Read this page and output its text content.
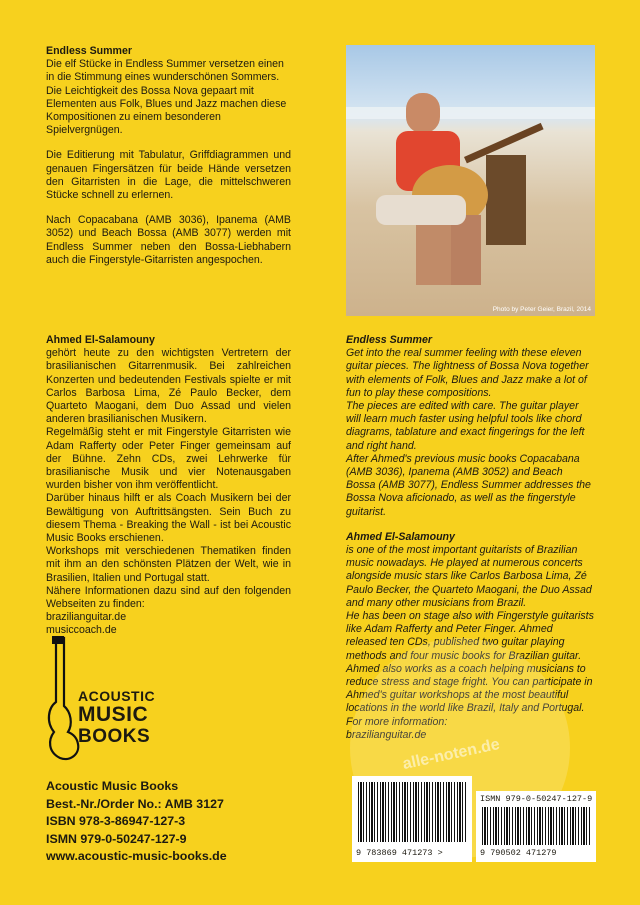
Endless Summer

Die elf Stücke in Endless Summer versetzen einen in die Stimmung eines wunderschönen Sommers. Die Leichtigkeit des Bossa Nova gepaart mit Elementen aus Folk, Blues und Jazz machen diese Kompositionen zu einem besonderen Spielvergnügen.

Die Editierung mit Tabulatur, Griffdiagrammen und genauen Fingersätzen für beide Hände versetzen den Gitarristen in die Lage, die mittelschweren Stücke schnell zu erlernen.

Nach Copacabana (AMB 3036), Ipanema (AMB 3052) und Beach Bossa (AMB 3077) werden mit Endless Summer neben den Bossa-Liebhabern auch die Fingerstyle-Gitarristen angespochen.

Photo by Peter Geier, Brazil, 2014
Ahmed El-Salamouny
gehört heute zu den wichtigsten Vertretern der brasilianischen Gitarrenmusik. Bei zahlreichen Konzerten und bedeutenden Festivals spielte er mit Carlos Barbosa Lima, Zé Paulo Becker, dem Quarteto Maogani, dem Duo Assad und vielen anderen brasilianischen Musikern.
Regelmäßig steht er mit Fingerstyle Gitarristen wie Adam Rafferty oder Peter Finger gemeinsam auf der Bühne. Zehn CDs, zwei Lehrwerke für brasilianische Musik und vier Notenausgaben wurden bisher von ihm veröffentlicht.
Darüber hinaus hilft er als Coach Musikern bei der Bewältigung von Auftrittsängsten. Sein Buch zu diesem Thema - Breaking the Wall - ist bei Acoustic Music Books erschienen.
Workshops mit verschiedenen Thematiken finden mit ihm an den schönsten Plätzen der Welt, wie in Brasilien, Italien und Portugal statt.
Nähere Informationen dazu sind auf den folgenden Webseiten zu finden:
brazilianguitar.de
musiccoach.de
Endless Summer
Get into the real summer feeling with these eleven guitar pieces. The lightness of Bossa Nova together with elements of Folk, Blues and Jazz make a lot of fun to play these compositions.
The pieces are edited with care. The guitar player will learn much faster using helpful tools like chord diagrams, tablature and exact fingerings for the left and right hand.
After Ahmed's previous music books Copacabana (AMB 3036), Ipanema (AMB 3052) and Beach Bossa (AMB 3077), Endless Summer addresses the Bossa Nova aficionado, as well as the fingerstyle guitarist.
Ahmed El-Salamouny
is one of the most important guitarists of Brazilian music nowadays. He played at numerous concerts alongside music stars like Carlos Barbosa Lima, Zé Paulo Becker, the Quarteto Maogani, the Duo Assad and many other musicians from Brazil.
He has been on stage also with Fingerstyle guitarists like Adam Rafferty and Peter Finger. Ahmed released ten CDs, published two guitar playing methods and four music books for Brazilian guitar.
Ahmed also works as a coach helping musicians to reduce stress and stage fright. You can participate in Ahmed's guitar workshops at the most beautiful locations in the world like Brazil, Italy and Portugal.
For more information:
brazilianguitar.de
alle-noten.de
ACOUSTIC
MUSIC
BOOKS
Acoustic Music Books
Best.-Nr./Order No.: AMB 3127
ISBN 978-3-86947-127-3
ISMN 979-0-50247-127-9
www.acoustic-music-books.de	9 783869 471273 >
ISMN 979-0-50247-127-9
9 790502 471279
